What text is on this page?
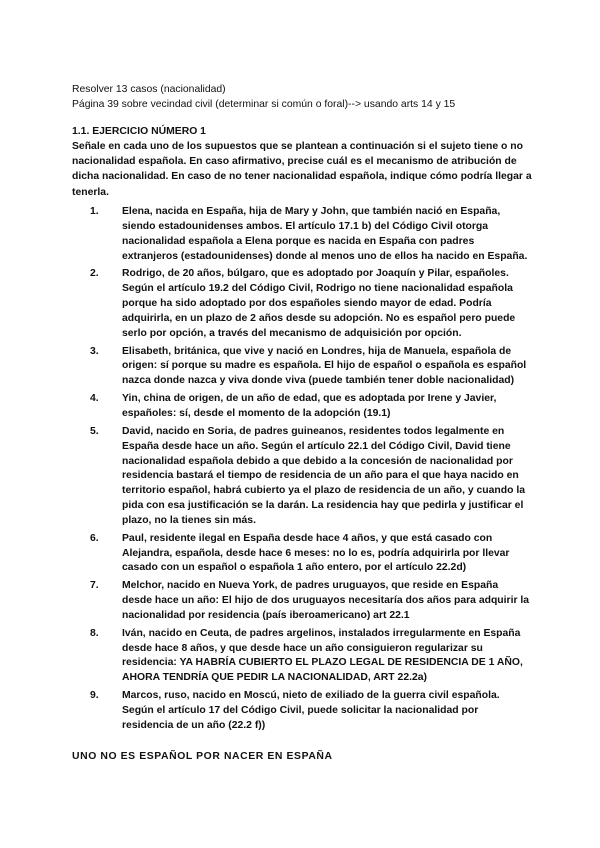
Resolver 13 casos (nacionalidad)
Página 39 sobre vecindad civil (determinar si común o foral)--> usando arts 14 y 15
1.1. EJERCICIO NÚMERO 1
Señale en cada uno de los supuestos que se plantean a continuación si el sujeto tiene o no nacionalidad española. En caso afirmativo, precise cuál es el mecanismo de atribución de dicha nacionalidad. En caso de no tener nacionalidad española, indique cómo podría llegar a tenerla.
1. Elena, nacida en España, hija de Mary y John, que también nació en España, siendo estadounidenses ambos. El artículo 17.1 b) del Código Civil otorga nacionalidad española a Elena porque es nacida en España con padres extranjeros (estadounidenses) donde al menos uno de ellos ha nacido en España.
2. Rodrigo, de 20 años, búlgaro, que es adoptado por Joaquín y Pilar, españoles. Según el artículo 19.2 del Código Civil, Rodrigo no tiene nacionalidad española porque ha sido adoptado por dos españoles siendo mayor de edad. Podría adquirirla, en un plazo de 2 años desde su adopción. No es español pero puede serlo por opción, a través del mecanismo de adquisición por opción.
3. Elisabeth, británica, que vive y nació en Londres, hija de Manuela, española de origen: sí porque su madre es española. El hijo de español o española es español nazca donde nazca y viva donde viva (puede también tener doble nacionalidad)
4. Yin, china de origen, de un año de edad, que es adoptada por Irene y Javier, españoles: sí, desde el momento de la adopción (19.1)
5. David, nacido en Soria, de padres guineanos, residentes todos legalmente en España desde hace un año. Según el artículo 22.1 del Código Civil, David tiene nacionalidad española debido a que debido a la concesión de nacionalidad por residencia bastará el tiempo de residencia de un año para el que haya nacido en territorio español, habrá cubierto ya el plazo de residencia de un año, y cuando la pida con esa justificación se la darán. La residencia hay que pedirla y justificar el plazo, no la tienes sin más.
6. Paul, residente ilegal en España desde hace 4 años, y que está casado con Alejandra, española, desde hace 6 meses: no lo es, podría adquirirla por llevar casado con un español o española 1 año entero, por el artículo 22.2d)
7. Melchor, nacido en Nueva York, de padres uruguayos, que reside en España desde hace un año: El hijo de dos uruguayos necesitaría dos años para adquirir la nacionalidad por residencia (país iberoamericano) art 22.1
8. Iván, nacido en Ceuta, de padres argelinos, instalados irregularmente en España desde hace 8 años, y que desde hace un año consiguieron regularizar su residencia: YA HABRÍA CUBIERTO EL PLAZO LEGAL DE RESIDENCIA DE 1 AÑO, AHORA TENDRÍA QUE PEDIR LA NACIONALIDAD, ART 22.2a)
9. Marcos, ruso, nacido en Moscú, nieto de exiliado de la guerra civil española. Según el artículo 17 del Código Civil, puede solicitar la nacionalidad por residencia de un año (22.2 f))
UNO NO ES ESPAÑOL POR NACER EN ESPAÑA
